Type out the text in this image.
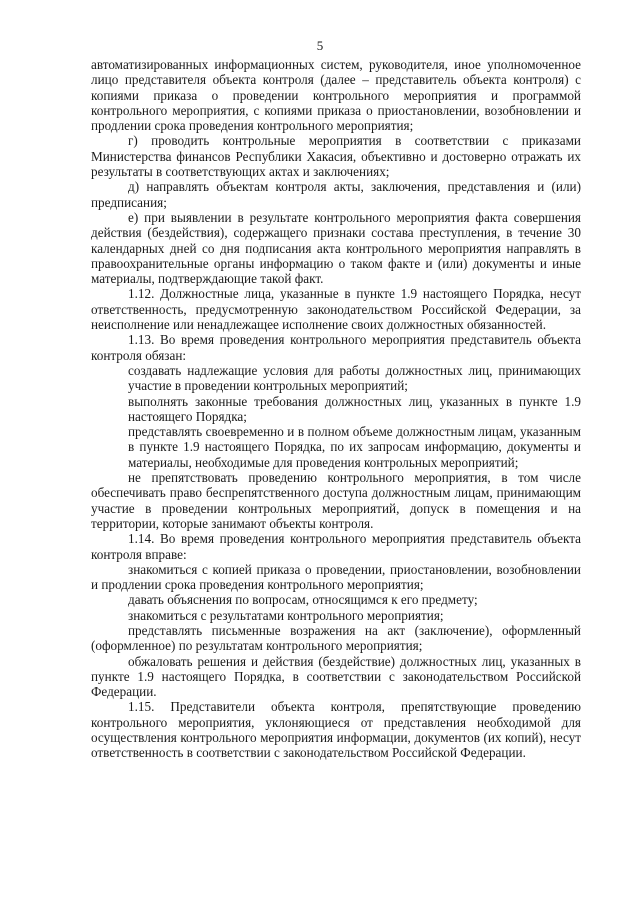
5

автоматизированных информационных систем, руководителя, иное уполномоченное лицо представителя объекта контроля (далее – представитель объекта контроля) с копиями приказа о проведении контрольного мероприятия и программой контрольного мероприятия, с копиями приказа о приостановлении, возобновлении и продлении срока проведения контрольного мероприятия;

г) проводить контрольные мероприятия в соответствии с приказами Министерства финансов Республики Хакасия, объективно и достоверно отражать их результаты в соответствующих актах и заключениях;

д) направлять объектам контроля акты, заключения, представления и (или) предписания;

е) при выявлении в результате контрольного мероприятия факта совершения действия (бездействия), содержащего признаки состава преступления, в течение 30 календарных дней со дня подписания акта контрольного мероприятия направлять в правоохранительные органы информацию о таком факте и (или) документы и иные материалы, подтверждающие такой факт.

1.12. Должностные лица, указанные в пункте 1.9 настоящего Порядка, несут ответственность, предусмотренную законодательством Российской Федерации, за неисполнение или ненадлежащее исполнение своих должностных обязанностей.

1.13. Во время проведения контрольного мероприятия представитель объекта контроля обязан:

создавать надлежащие условия для работы должностных лиц, принимающих участие в проведении контрольных мероприятий;

выполнять законные требования должностных лиц, указанных в пункте 1.9 настоящего Порядка;

представлять своевременно и в полном объеме должностным лицам, указанным в пункте 1.9 настоящего Порядка, по их запросам информацию, документы и материалы, необходимые для проведения контрольных мероприятий;

не препятствовать проведению контрольного мероприятия, в том числе обеспечивать право беспрепятственного доступа должностным лицам, принимающим участие в проведении контрольных мероприятий, допуск в помещения и на территории, которые занимают объекты контроля.

1.14. Во время проведения контрольного мероприятия представитель объекта контроля вправе:

знакомиться с копией приказа о проведении, приостановлении, возобновлении и продлении срока проведения контрольного мероприятия;

давать объяснения по вопросам, относящимся к его предмету;

знакомиться с результатами контрольного мероприятия;

представлять письменные возражения на акт (заключение), оформленный (оформленное) по результатам контрольного мероприятия;

обжаловать решения и действия (бездействие) должностных лиц, указанных в пункте 1.9 настоящего Порядка, в соответствии с законодательством Российской Федерации.

1.15. Представители объекта контроля, препятствующие проведению контрольного мероприятия, уклоняющиеся от представления необходимой для осуществления контрольного мероприятия информации, документов (их копий), несут ответственность в соответствии с законодательством Российской Федерации.
